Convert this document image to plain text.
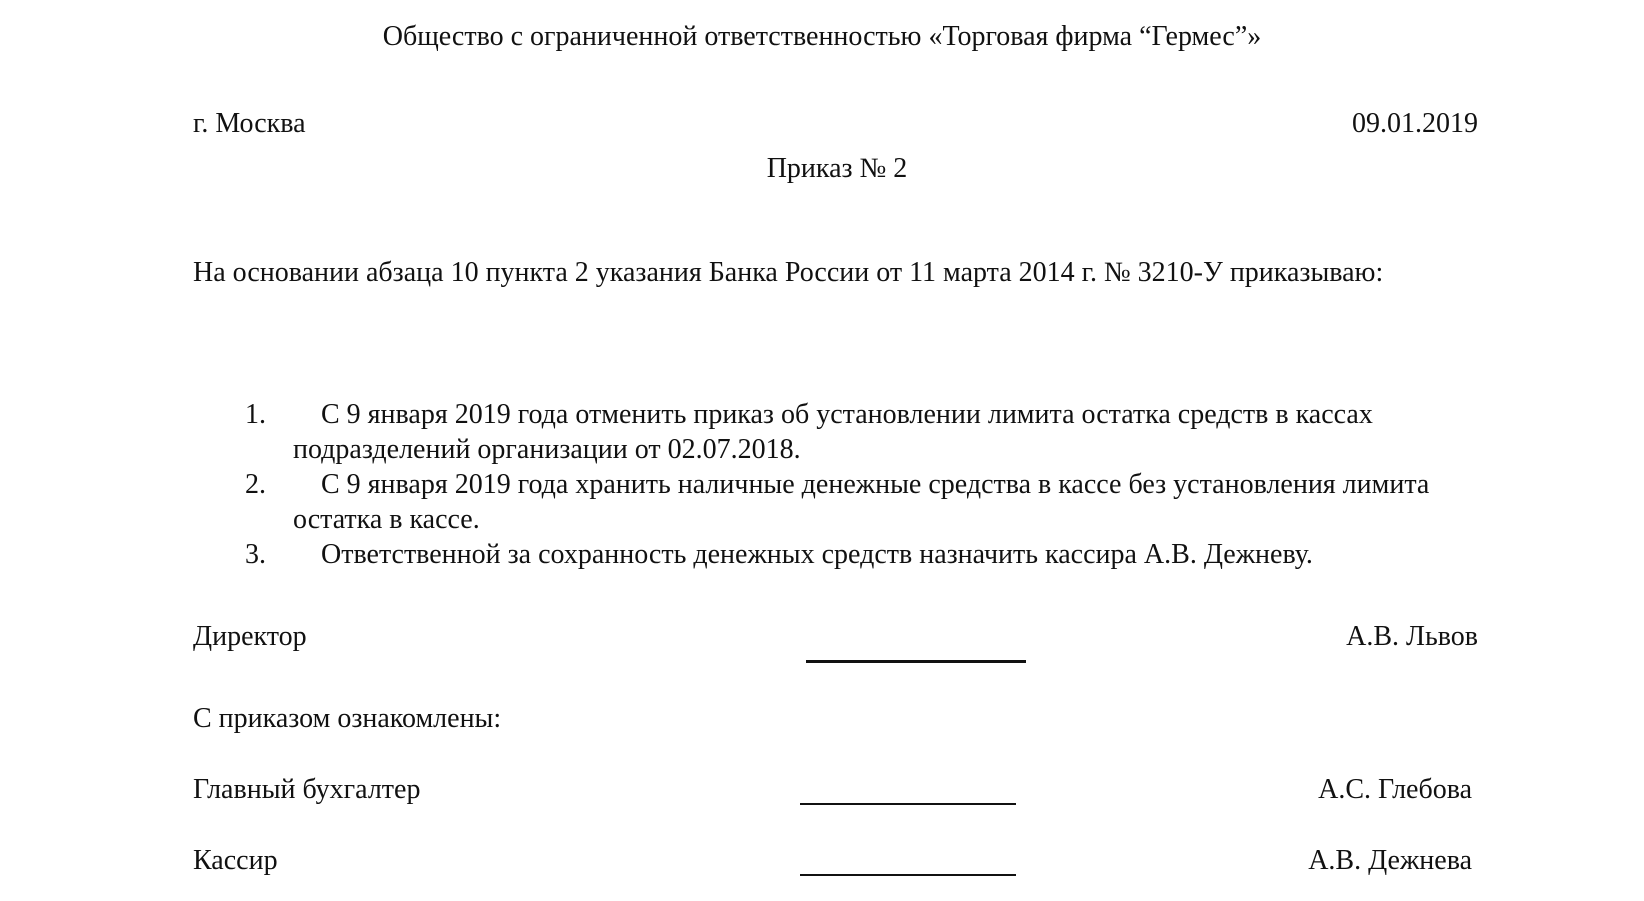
Общество с ограниченной ответственностью «Торговая фирма “Гермес”»
г. Москва	09.01.2019
Приказ № 2
На основании абзаца 10 пункта 2 указания Банка России от 11 марта 2014 г. № 3210-У приказываю:
1.	С 9 января 2019 года отменить приказ об установлении лимита остатка средств в кассах подразделений организации от 02.07.2018.
2.	С 9 января 2019 года хранить наличные денежные средства в кассе без установления лимита остатка в кассе.
3.	Ответственной за сохранность денежных средств назначить кассира А.В. Дежневу.
Директор	А.В. Львов
С приказом ознакомлены:
Главный бухгалтер	А.С. Глебова
Кассир	А.В. Дежнева
